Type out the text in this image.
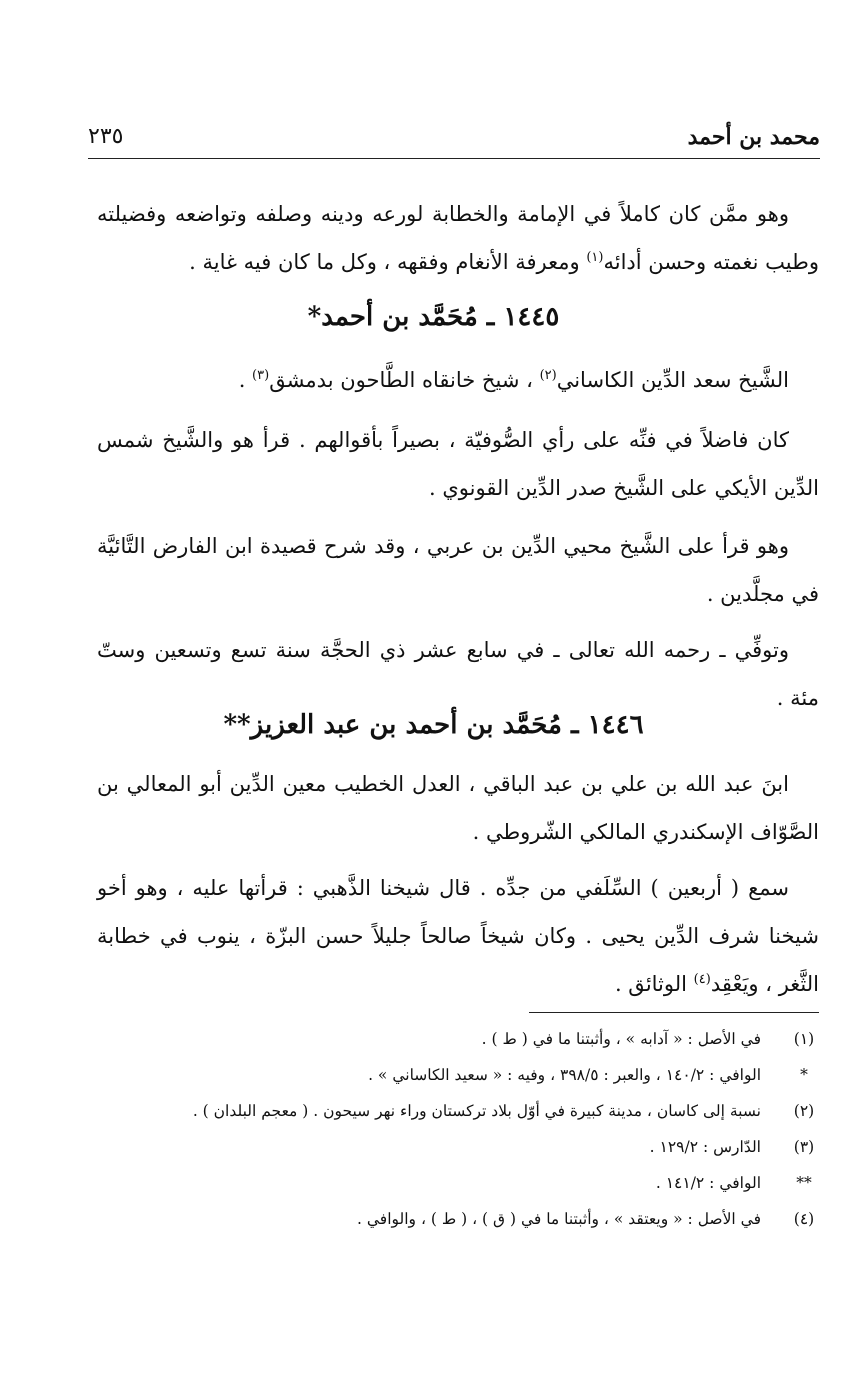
محمد بن أحمد
٢٣٥

وهو ممَّن كان كاملاً في الإمامة والخطابة لورعه ودينه وصلفه وتواضعه وفضيلته وطيب نغمته وحسن أدائه$^{(١)}$ ومعرفة الأنغام وفقهه ، وكل ما كان فيه غاية .

١٤٤٥ ـ مُحَمَّد بن أحمد*

الشَّيخ سعد الدِّين الكاساني$^{(٢)}$ ، شيخ خانقاه الطَّاحون بدمشق$^{(٣)}$ .

كان فاضلاً في فنِّه على رأي الصُّوفيّة ، بصيراً بأقوالهم . قرأ هو والشَّيخ شمس الدِّين الأيكي على الشَّيخ صدر الدِّين القونوي .

وهو قرأ على الشَّيخ محيي الدِّين بن عربي ، وقد شرح قصيدة ابن الفارض التَّائيَّة في مجلَّدين .

وتوفِّي ـ رحمه الله تعالى ـ في سابع عشر ذي الحجَّة سنة تسع وتسعين وستّ مئة .

١٤٤٦ ـ مُحَمَّد بن أحمد بن عبد العزيز**

ابنَ عبد الله بن علي بن عبد الباقي ، العدل الخطيب معين الدِّين أبو المعالي بن الصَّوّاف الإسكندري المالكي الشّروطي .

سمع ( أربعين ) السِّلَفي من جدِّه . قال شيخنا الذَّهبي : قرأتها عليه ، وهو أخو شيخنا شرف الدِّين يحيى . وكان شيخاً صالحاً جليلاً حسن البزّة ، ينوب في خطابة الثَّغر ، ويَعْقِد$^{(٤)}$ الوثائق .

(١)
في الأصل : « آدابه » ، وأثبتنا ما في ( ط ) .
*
الوافي : ١٤٠/٢ ، والعبر : ٣٩٨/٥ ، وفيه : « سعيد الكاساني » .
(٢)
نسبة إلى كاسان ، مدينة كبيرة في أوّل بلاد تركستان وراء نهر سيحون . ( معجم البلدان ) .
(٣)
الدّارس : ١٢٩/٢ .
**
الوافي : ١٤١/٢ .
(٤)
في الأصل : « ويعتقد » ، وأثبتنا ما في ( ق ) ، ( ط ) ، والوافي .
